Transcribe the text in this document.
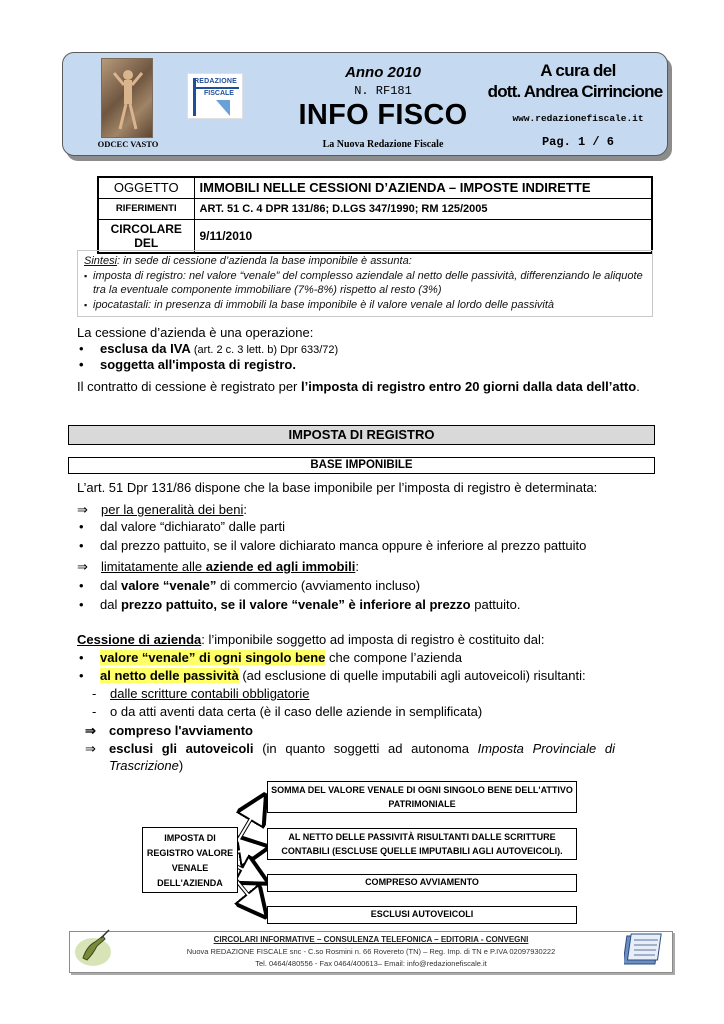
ODCEC VASTO
REDAZIONE
FISCALE
Anno 2010
N. RF181
INFO FISCO
La Nuova Redazione Fiscale
A cura del
dott. Andrea Cirrincione
www.redazionefiscale.it
Pag. 1 / 6
OGGETTO	IMMOBILI NELLE CESSIONI D’AZIENDA – IMPOSTE INDIRETTE
RIFERIMENTI	ART. 51 C. 4 DPR 131/86; D.LGS 347/1990; RM 125/2005
CIRCOLARE DEL	9/11/2010
Sintesi: in sede di cessione d’azienda la base imponibile è assunta:
▪ imposta di registro: nel valore “venale” del complesso aziendale al netto delle passività, differenziando le aliquote tra la eventuale componente immobiliare (7%-8%) rispetto al resto (3%)
▪ ipocatastali: in presenza di immobili la base imponibile è il valore venale al lordo delle passività
La cessione d’azienda è una operazione:
• esclusa da IVA (art. 2 c. 3 lett. b) Dpr 633/72)
• soggetta all'imposta di registro.
Il contratto di cessione è registrato per l’imposta di registro entro 20 giorni dalla data dell’atto.
IMPOSTA DI REGISTRO
BASE IMPONIBILE
L’art. 51 Dpr 131/86 dispone che la base imponibile per l’imposta di registro è determinata:
⇒ per la generalità dei beni:
• dal valore “dichiarato” dalle parti
• dal prezzo pattuito, se il valore dichiarato manca oppure è inferiore al prezzo pattuito
⇒ limitatamente alle aziende ed agli immobili:
• dal valore “venale” di commercio (avviamento incluso)
• dal prezzo pattuito, se il valore “venale” è inferiore al prezzo pattuito.
Cessione di azienda: l’imponibile soggetto ad imposta di registro è costituito dal:
• valore “venale” di ogni singolo bene che compone l’azienda
• al netto delle passività (ad esclusione di quelle imputabili agli autoveicoli) risultanti:
- dalle scritture contabili obbligatorie
- o da atti aventi data certa (è il caso delle aziende in semplificata)
⇒ compreso l'avviamento
⇒ esclusi gli autoveicoli (in quanto soggetti ad autonoma Imposta Provinciale di Trascrizione)
IMPOSTA DI REGISTRO VALORE VENALE DELL'AZIENDA
SOMMA DEL VALORE VENALE DI OGNI SINGOLO BENE DELL'ATTIVO PATRIMONIALE
AL NETTO DELLE PASSIVITÀ RISULTANTI DALLE SCRITTURE CONTABILI (ESCLUSE QUELLE IMPUTABILI AGLI AUTOVEICOLI).
COMPRESO AVVIAMENTO
ESCLUSI AUTOVEICOLI
CIRCOLARI INFORMATIVE – CONSULENZA TELEFONICA – EDITORIA - CONVEGNI
Nuova REDAZIONE FISCALE snc - C.so Rosmini n. 66 Rovereto (TN) – Reg. Imp. di TN e P.IVA 02097930222
Tel. 0464/480556 - Fax 0464/400613– Email: info@redazionefiscale.it
